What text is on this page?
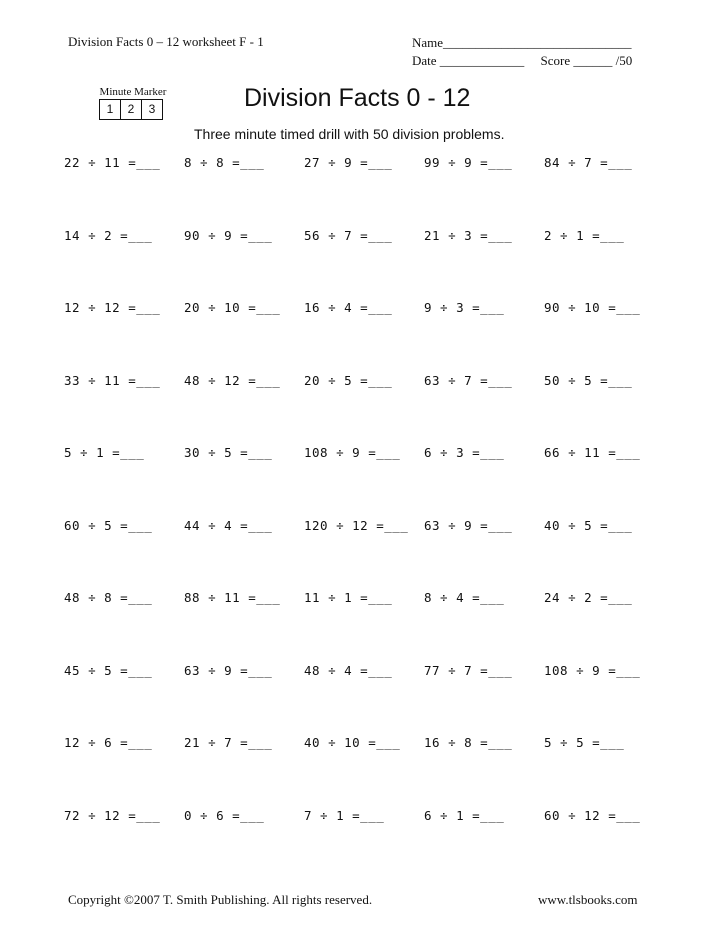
Division Facts 0 – 12 worksheet F - 1	Name_____________________________
Date _____________     Score ______ /50
Minute Marker
1	2	3	Division Facts 0 - 12
Three minute timed drill with 50 division problems.
22 ÷ 11 =___	8 ÷ 8 =___	27 ÷ 9 =___	99 ÷ 9 =___	84 ÷ 7 =___
14 ÷ 2 =___	90 ÷ 9 =___	56 ÷ 7 =___	21 ÷ 3 =___	2 ÷ 1 =___
12 ÷ 12 =___	20 ÷ 10 =___	16 ÷ 4 =___	9 ÷ 3 =___	90 ÷ 10 =___
33 ÷ 11 =___	48 ÷ 12 =___	20 ÷ 5 =___	63 ÷ 7 =___	50 ÷ 5 =___
5 ÷ 1 =___	30 ÷ 5 =___	108 ÷ 9 =___	6 ÷ 3 =___	66 ÷ 11 =___
60 ÷ 5 =___	44 ÷ 4 =___	120 ÷ 12 =___	63 ÷ 9 =___	40 ÷ 5 =___
48 ÷ 8 =___	88 ÷ 11 =___	11 ÷ 1 =___	8 ÷ 4 =___	24 ÷ 2 =___
45 ÷ 5 =___	63 ÷ 9 =___	48 ÷ 4 =___	77 ÷ 7 =___	108 ÷ 9 =___
12 ÷ 6 =___	21 ÷ 7 =___	40 ÷ 10 =___	16 ÷ 8 =___	5 ÷ 5 =___
72 ÷ 12 =___	0 ÷ 6 =___	7 ÷ 1 =___	6 ÷ 1 =___	60 ÷ 12 =___
Copyright ©2007 T. Smith Publishing. All rights reserved.	www.tlsbooks.com
